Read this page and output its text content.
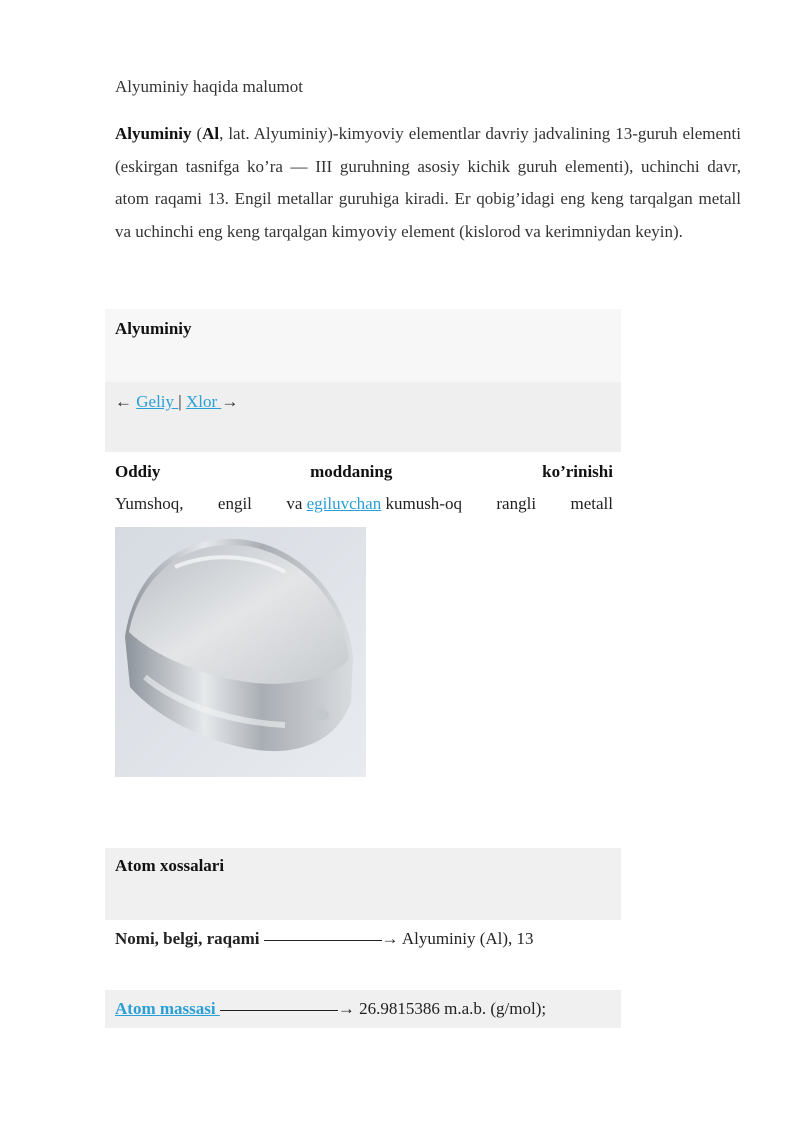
Alyuminiy haqida malumot
Alyuminiy (Al, lat. Alyuminiy)-kimyoviy elementlar davriy jadvalining 13-guruh elementi (eskirgan tasnifga ko’ra — III guruhning asosiy kichik guruh elementi), uchinchi davr, atom raqami 13. Engil metallar guruhiga kiradi. Er qobig’idagi eng keng tarqalgan metall va uchinchi eng keng tarqalgan kimyoviy element (kislorod va kerimniydan keyin).
Alyuminiy
← Geliy | Xlor →
Oddiy	moddaning	ko’rinishi
Yumshoq, engil va egiluvchan kumush-oq rangli metall
Atom xossalari
Nomi, belgi, raqami	→ Alyuminiy (Al), 13
Atom massasi	→ 26.9815386 m.a.b. (g/mol);
